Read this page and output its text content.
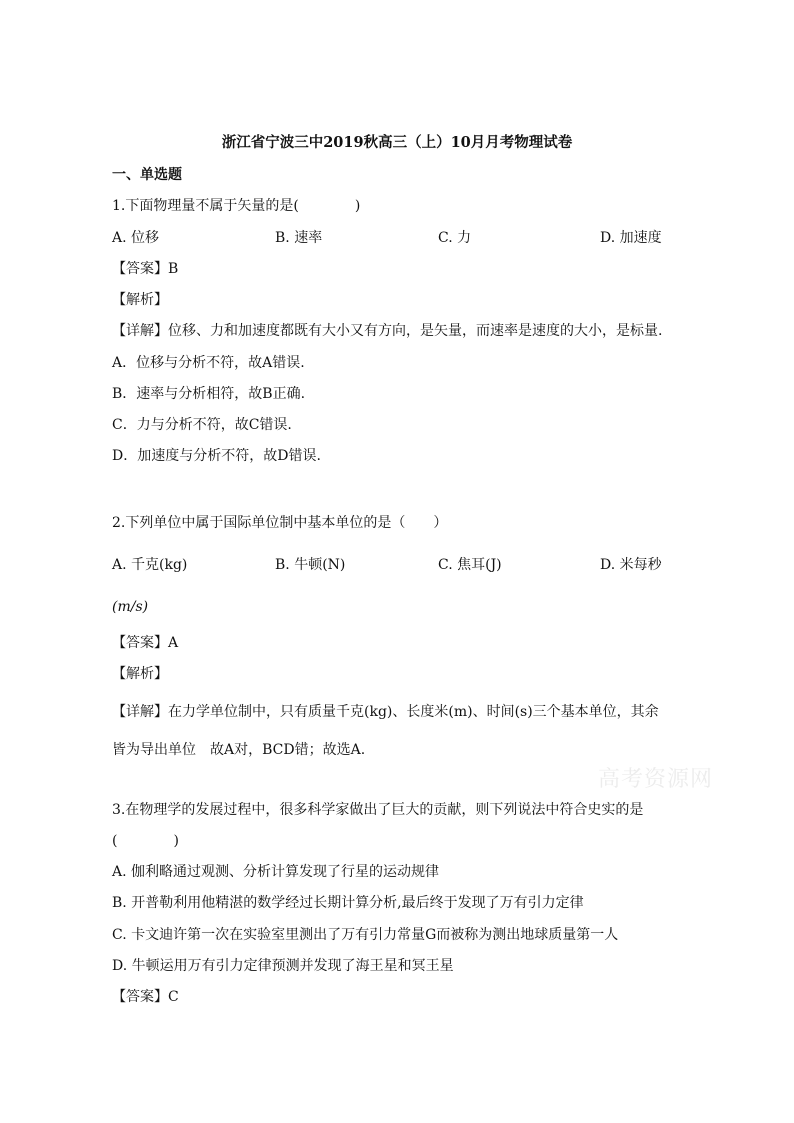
浙江省宁波三中2019秋高三（上）10月月考物理试卷
一、单选题
1.下面物理量不属于矢量的是(　　　　)
A. 位移	B. 速率	C. 力	D. 加速度
【答案】B
【解析】
【详解】位移、力和加速度都既有大小又有方向，是矢量，而速率是速度的大小，是标量.
A．位移与分析不符，故A错误.
B．速率与分析相符，故B正确.
C．力与分析不符，故C错误.
D．加速度与分析不符，故D错误.
2.下列单位中属于国际单位制中基本单位的是（　　）
A. 千克(kg)	B. 牛顿(N)	C. 焦耳(J)	D. 米每秒
(m/s)
【答案】A
【解析】
【详解】在力学单位制中，只有质量千克(kg)、长度米(m)、时间(s)三个基本单位，其余
皆为导出单位　故A对，BCD错；故选A.
3.在物理学的发展过程中，很多科学家做出了巨大的贡献，则下列说法中符合史实的是
(　　　　)
A. 伽利略通过观测、分析计算发现了行星的运动规律
B. 开普勒利用他精湛的数学经过长期计算分析,最后终于发现了万有引力定律
C. 卡文迪许第一次在实验室里测出了万有引力常量G而被称为测出地球质量第一人
D. 牛顿运用万有引力定律预测并发现了海王星和冥王星
【答案】C
高考资源网
